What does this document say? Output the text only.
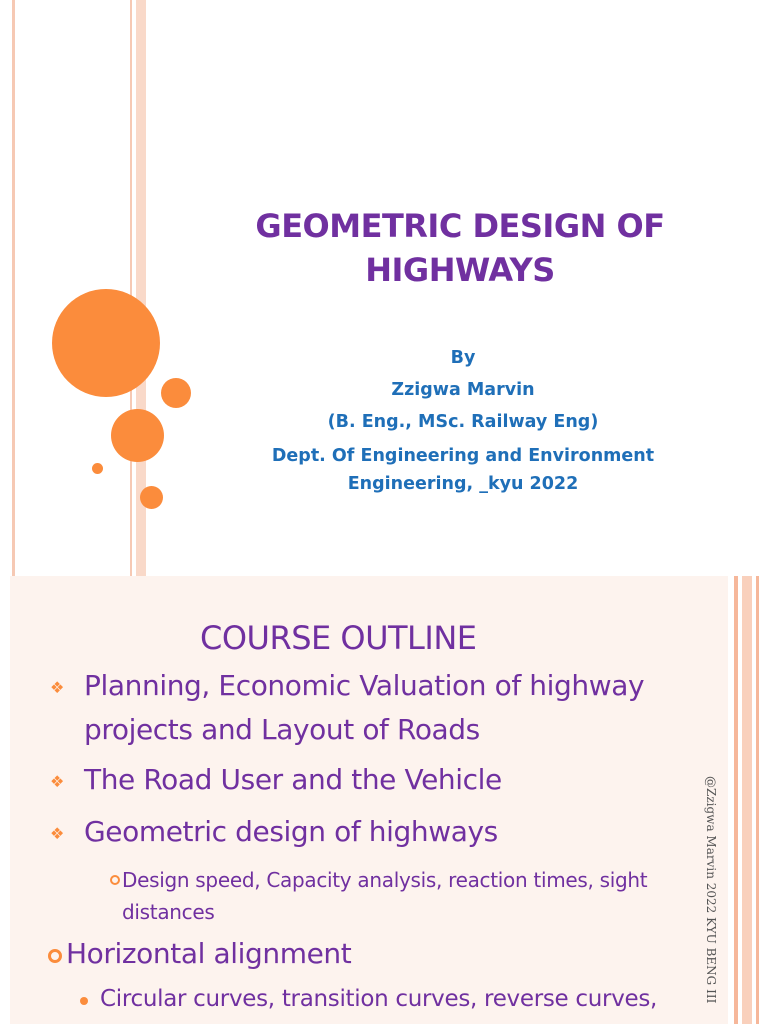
GEOMETRIC DESIGN OF
HIGHWAYS
By
Zzigwa Marvin
(B. Eng., MSc. Railway Eng)
Dept. Of Engineering and Environment
Engineering, _kyu 2022
COURSE OUTLINE
❖ Planning, Economic Valuation of highway
projects and Layout of Roads
❖ The Road User and the Vehicle
❖ Geometric design of highways
Design speed, Capacity analysis, reaction times, sight
distances
Horizontal alignment
Circular curves, transition curves, reverse curves,	@Zzigwa Marvin 2022 KYU BENG III
